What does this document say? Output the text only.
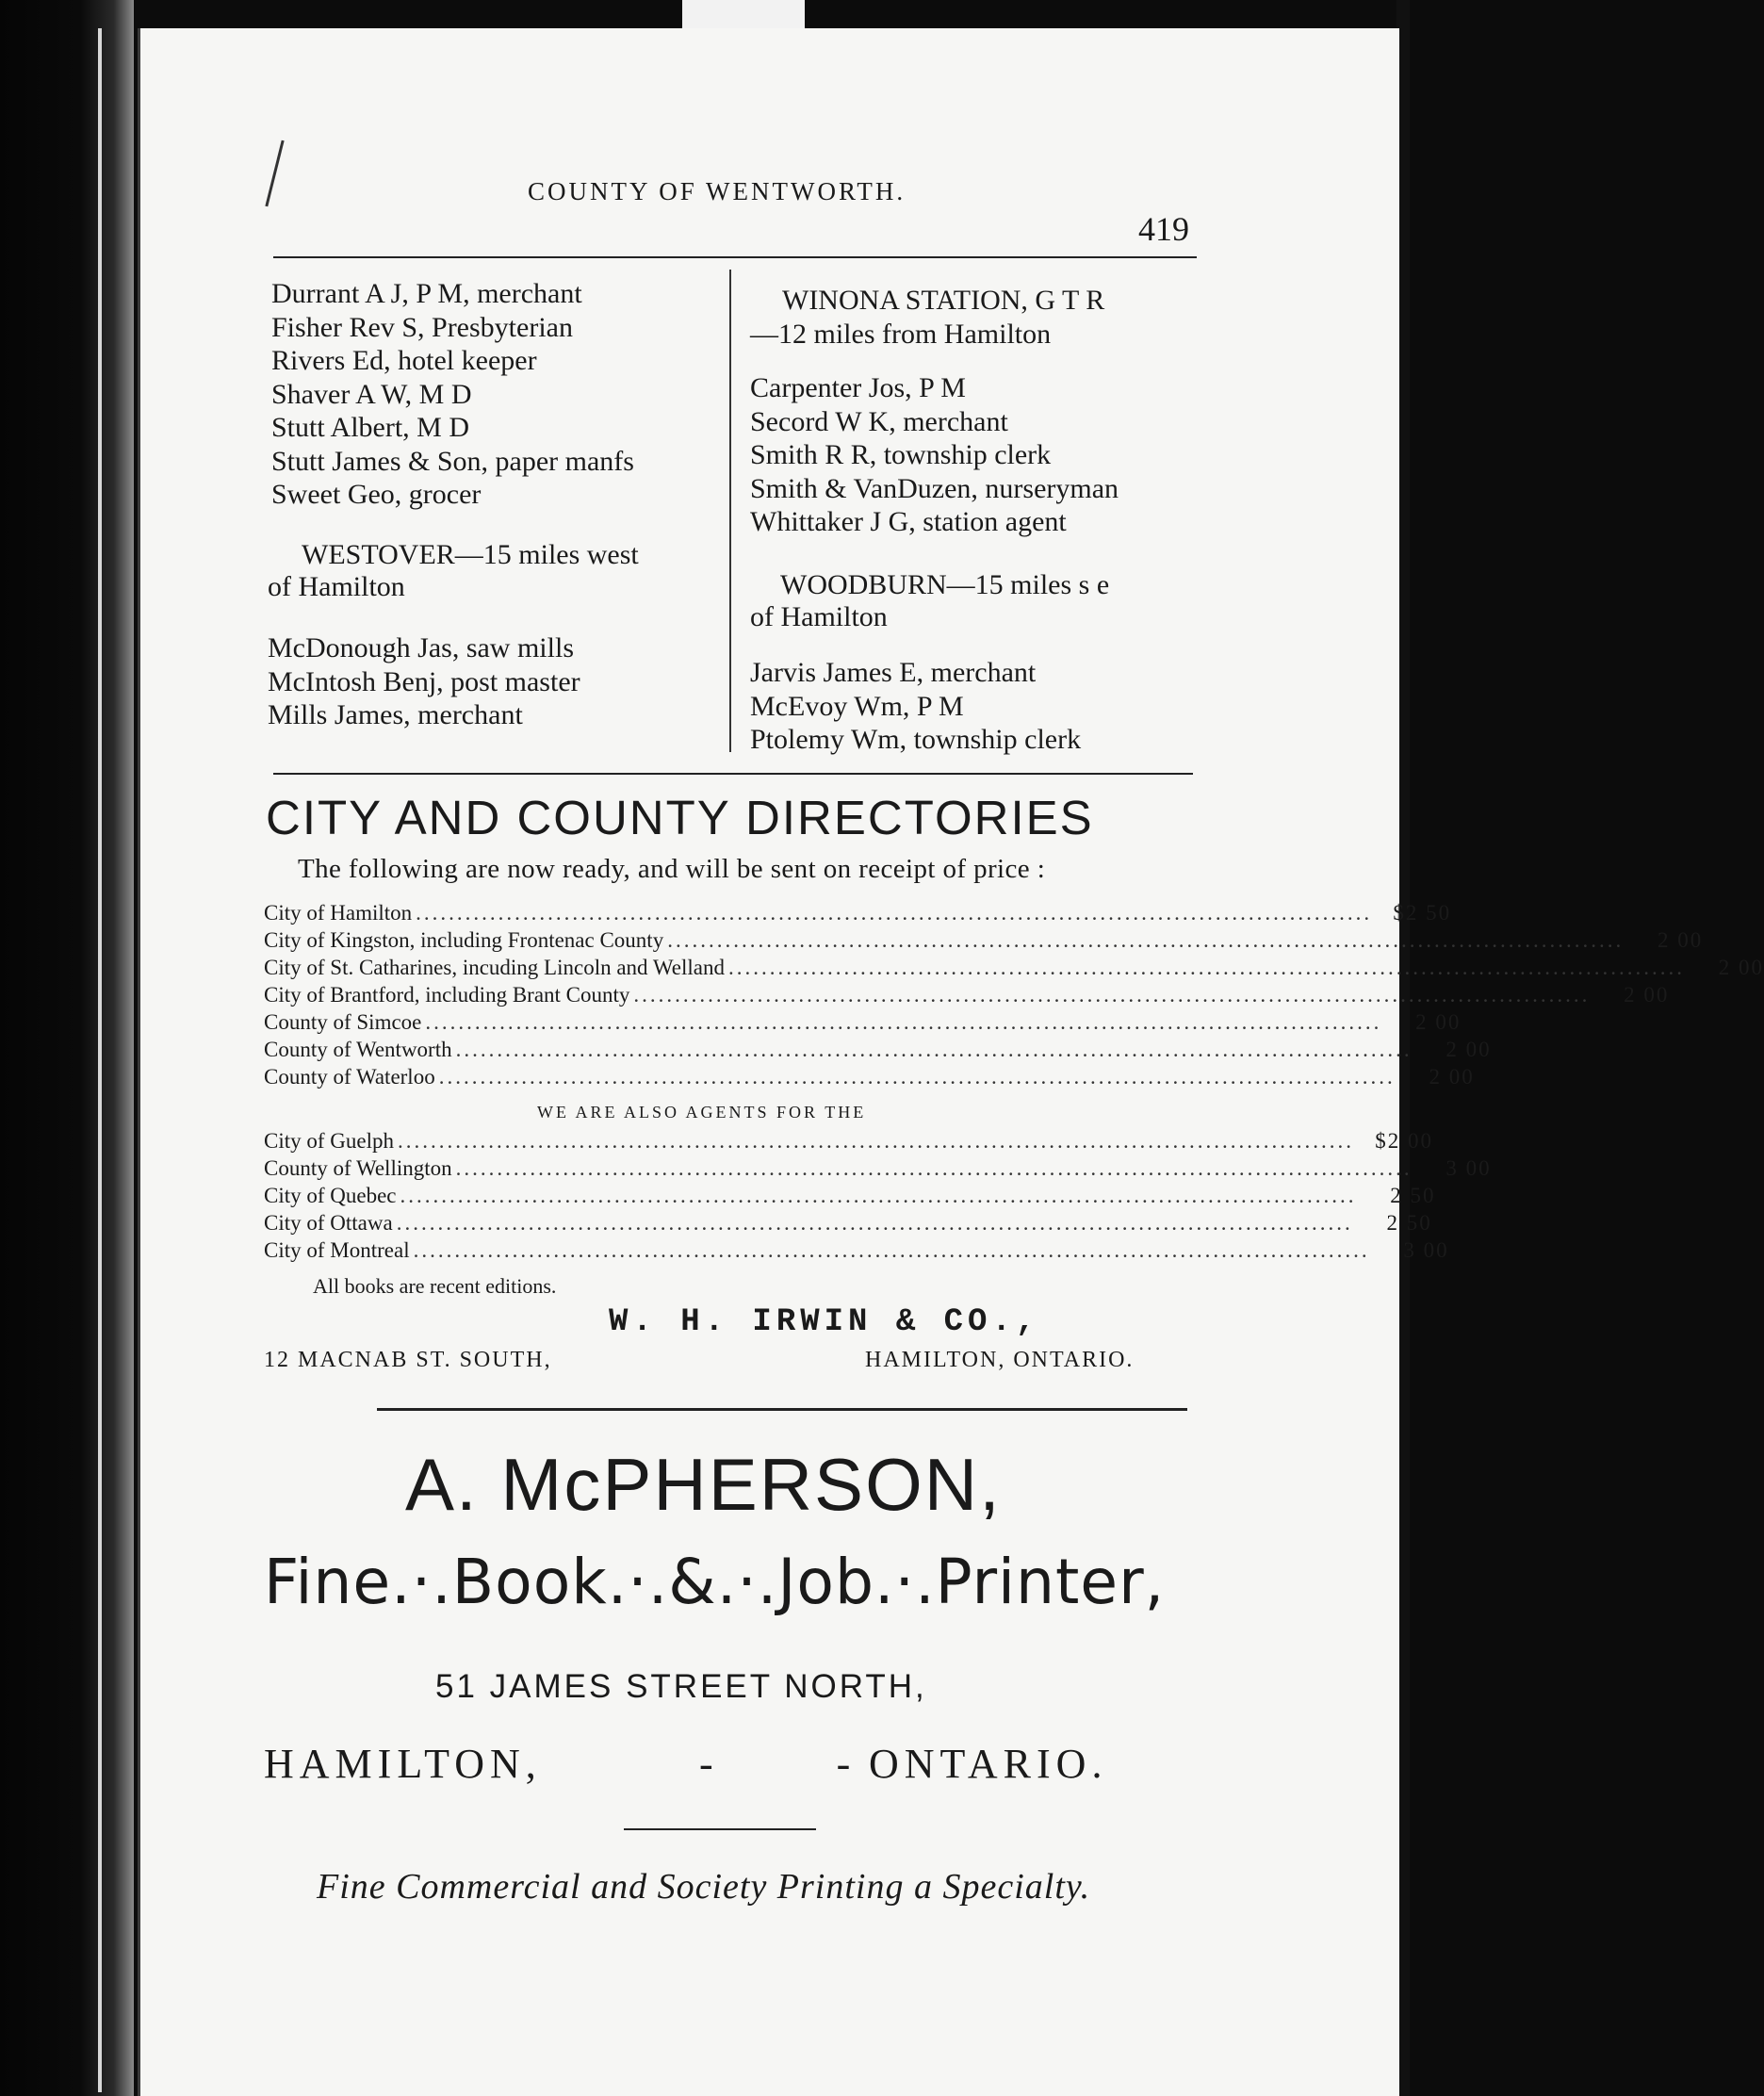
COUNTY OF WENTWORTH.
419
Durrant A J, P M, merchant
Fisher Rev S, Presbyterian
Rivers Ed, hotel keeper
Shaver A W, M D
Stutt Albert, M D
Stutt James & Son, paper manfs
Sweet Geo, grocer
WESTOVER—15 miles west
of Hamilton
McDonough Jas, saw mills
McIntosh Benj, post master
Mills James, merchant
WINONA STATION, G T R
—12 miles from Hamilton
Carpenter Jos, P M
Secord W K, merchant
Smith R R, township clerk
Smith & VanDuzen, nurseryman
Whittaker J G, station agent
WOODBURN—15 miles s e
of Hamilton
Jarvis James E, merchant
McEvoy Wm, P M
Ptolemy Wm, township clerk
CITY AND COUNTY DIRECTORIES
The following are now ready, and will be sent on receipt of price :
City of Hamilton .................................................................................................................... $2 50
City of Kingston, including Frontenac County ....................................................................................................................	2 00
City of St. Catharines, incuding Lincoln and Welland ....................................................................................................................	2 00
City of Brantford, including Brant County ....................................................................................................................	2 00
County of Simcoe ....................................................................................................................	2 00
County of Wentworth ....................................................................................................................	2 00
County of Waterloo ....................................................................................................................	2 00
WE ARE ALSO AGENTS FOR THE
City of Guelph .................................................................................................................... $2 00
County of Wellington ....................................................................................................................	3 00
City of Quebec ....................................................................................................................	2 50
City of Ottawa ....................................................................................................................	2 50
City of Montreal ....................................................................................................................	3 00
All books are recent editions.
W. H. IRWIN & CO.,
12 MACNAB ST. SOUTH,	HAMILTON, ONTARIO.
A. McPHERSON,
Fine.·.Book.·.&.·.Job.·.Printer,
51 JAMES STREET NORTH,
HAMILTON,	- -
ONTARIO.
Fine Commercial and Society Printing a Specialty.
